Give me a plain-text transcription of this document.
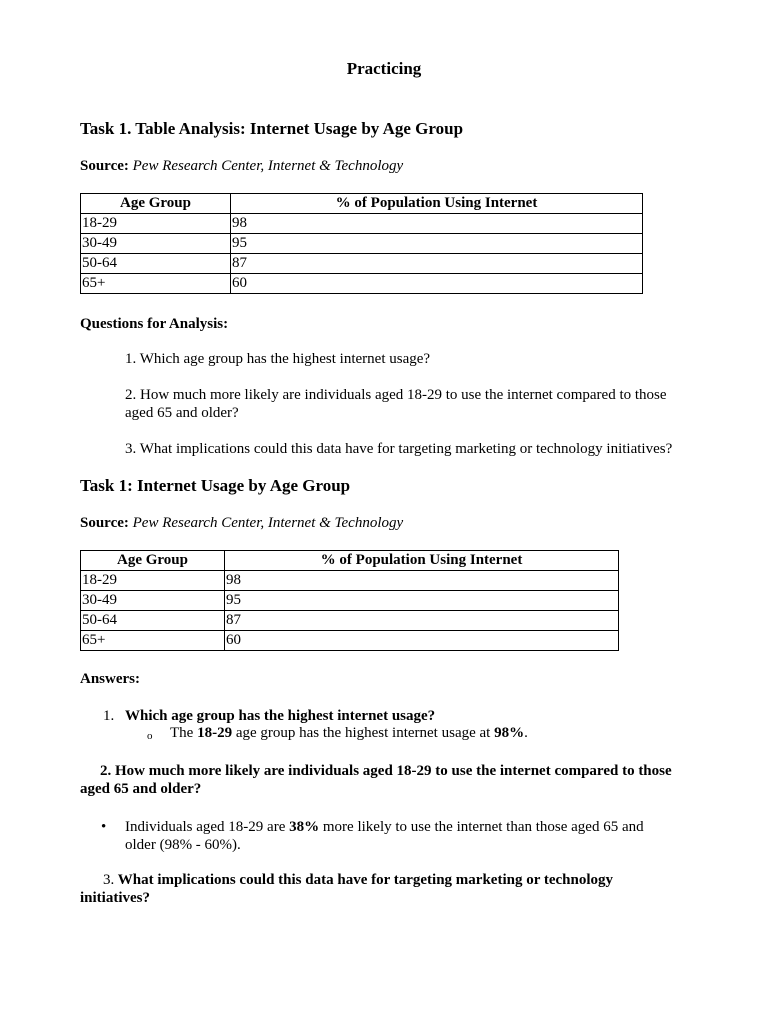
Practicing
Task 1. Table Analysis: Internet Usage by Age Group
Source: Pew Research Center, Internet & Technology
Age Group	% of Population Using Internet
18-29	98
30-49	95
50-64	87
65+	60
Questions for Analysis:
1. Which age group has the highest internet usage?
2. How much more likely are individuals aged 18-29 to use the internet compared to those aged 65 and older?
3. What implications could this data have for targeting marketing or technology initiatives?
Task 1: Internet Usage by Age Group
Source: Pew Research Center, Internet & Technology
Age Group	% of Population Using Internet
18-29	98
30-49	95
50-64	87
65+	60
Answers:
1. Which age group has the highest internet usage?
o The 18-29 age group has the highest internet usage at 98%.
2. How much more likely are individuals aged 18-29 to use the internet compared to those aged 65 and older?
• Individuals aged 18-29 are 38% more likely to use the internet than those aged 65 and older (98% - 60%).
3. What implications could this data have for targeting marketing or technology initiatives?
